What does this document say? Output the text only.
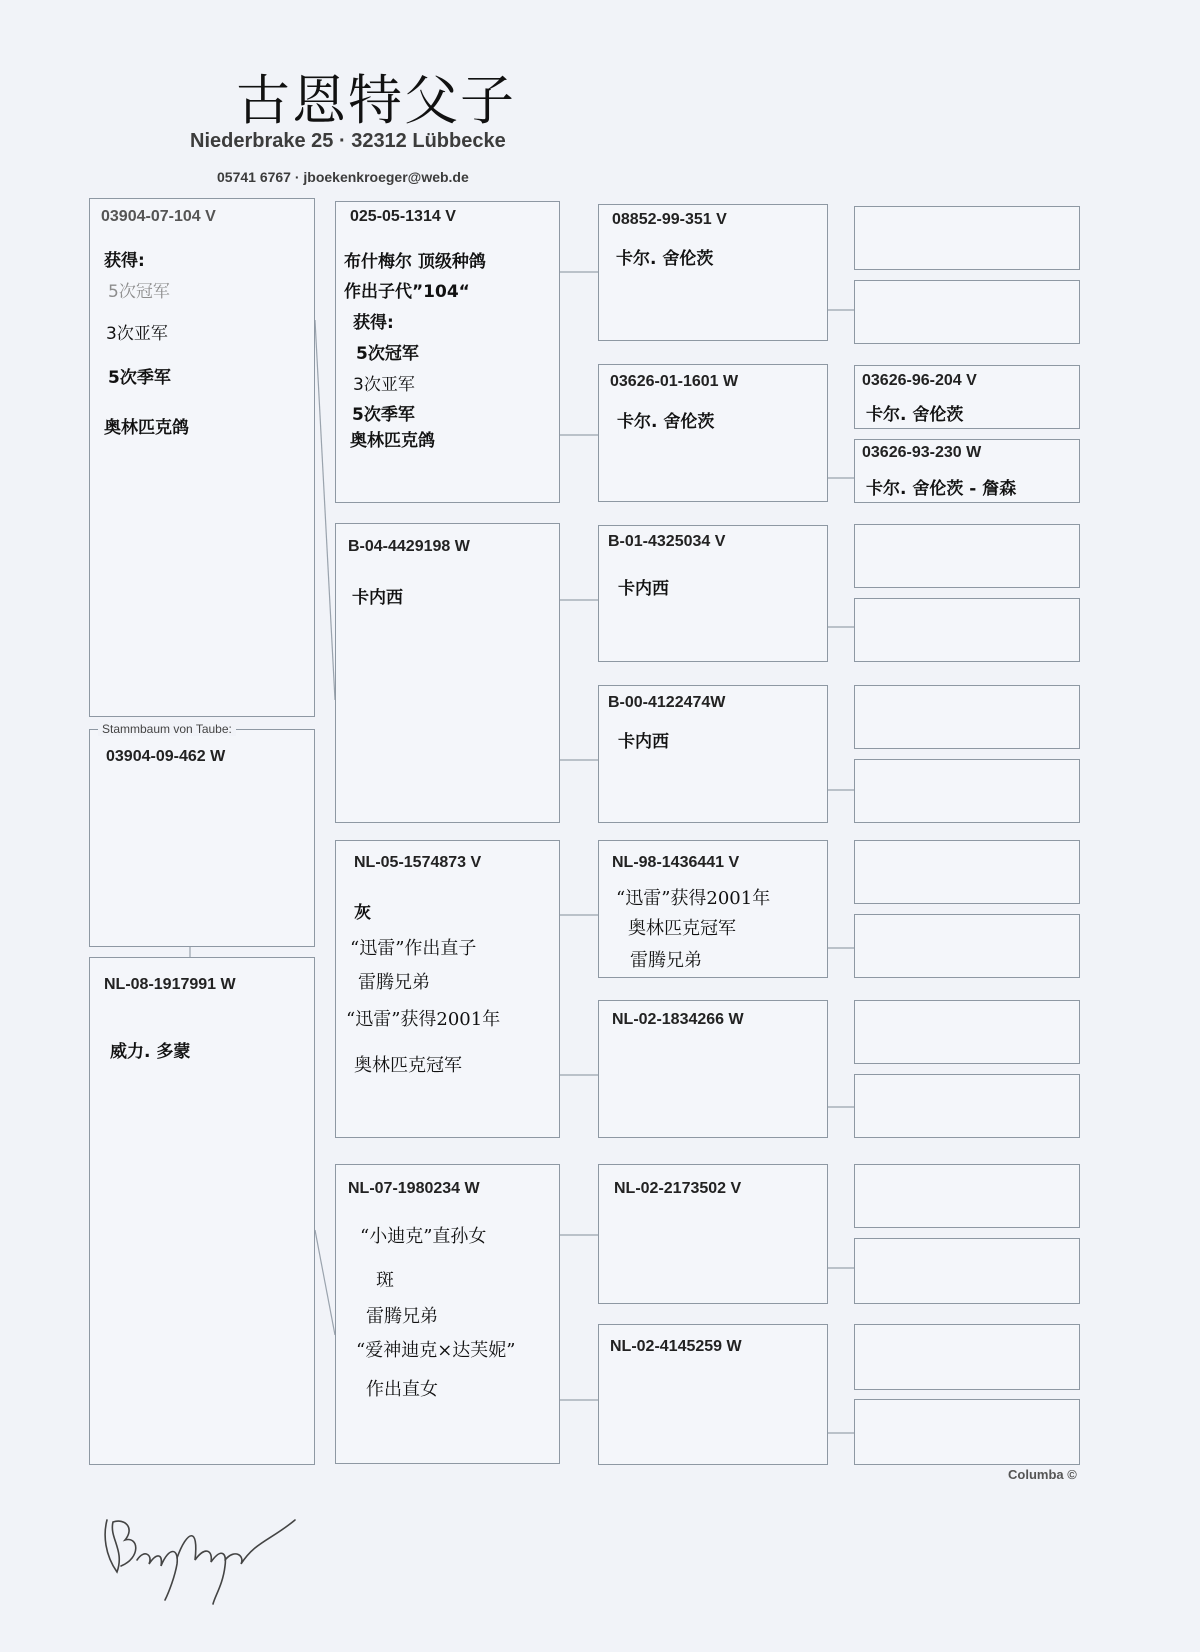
古恩特父子
Niederbrake 25 · 32312 Lübbecke
05741 6767 · jboekenkroeger@web.de
03904-07-104 V
获得:
5次冠军
3次亚军
5次季军
奥林匹克鸽
Stammbaum von Taube:
03904-09-462 W
NL-08-1917991 W
威力. 多蒙
025-05-1314 V
布什梅尔 顶级种鸽
作出子代”104“
获得:
5次冠军
3次亚军
5次季军
奥林匹克鸽
B-04-4429198 W
卡内西
NL-05-1574873 V
灰
“迅雷”作出直子
雷腾兄弟
“迅雷”获得2001年
奥林匹克冠军
NL-07-1980234 W
“小迪克”直孙女
斑
雷腾兄弟
“爱神迪克×达芙妮”
作出直女
08852-99-351 V
卡尔. 舍伦茨
03626-01-1601 W
卡尔. 舍伦茨
B-01-4325034 V
卡内西
B-00-4122474W
卡内西
NL-98-1436441 V
“迅雷”获得2001年
奥林匹克冠军
雷腾兄弟
NL-02-1834266 W
NL-02-2173502 V
NL-02-4145259 W
03626-96-204 V
卡尔. 舍伦茨
03626-93-230 W
卡尔. 舍伦茨 - 詹森
Columba ©
